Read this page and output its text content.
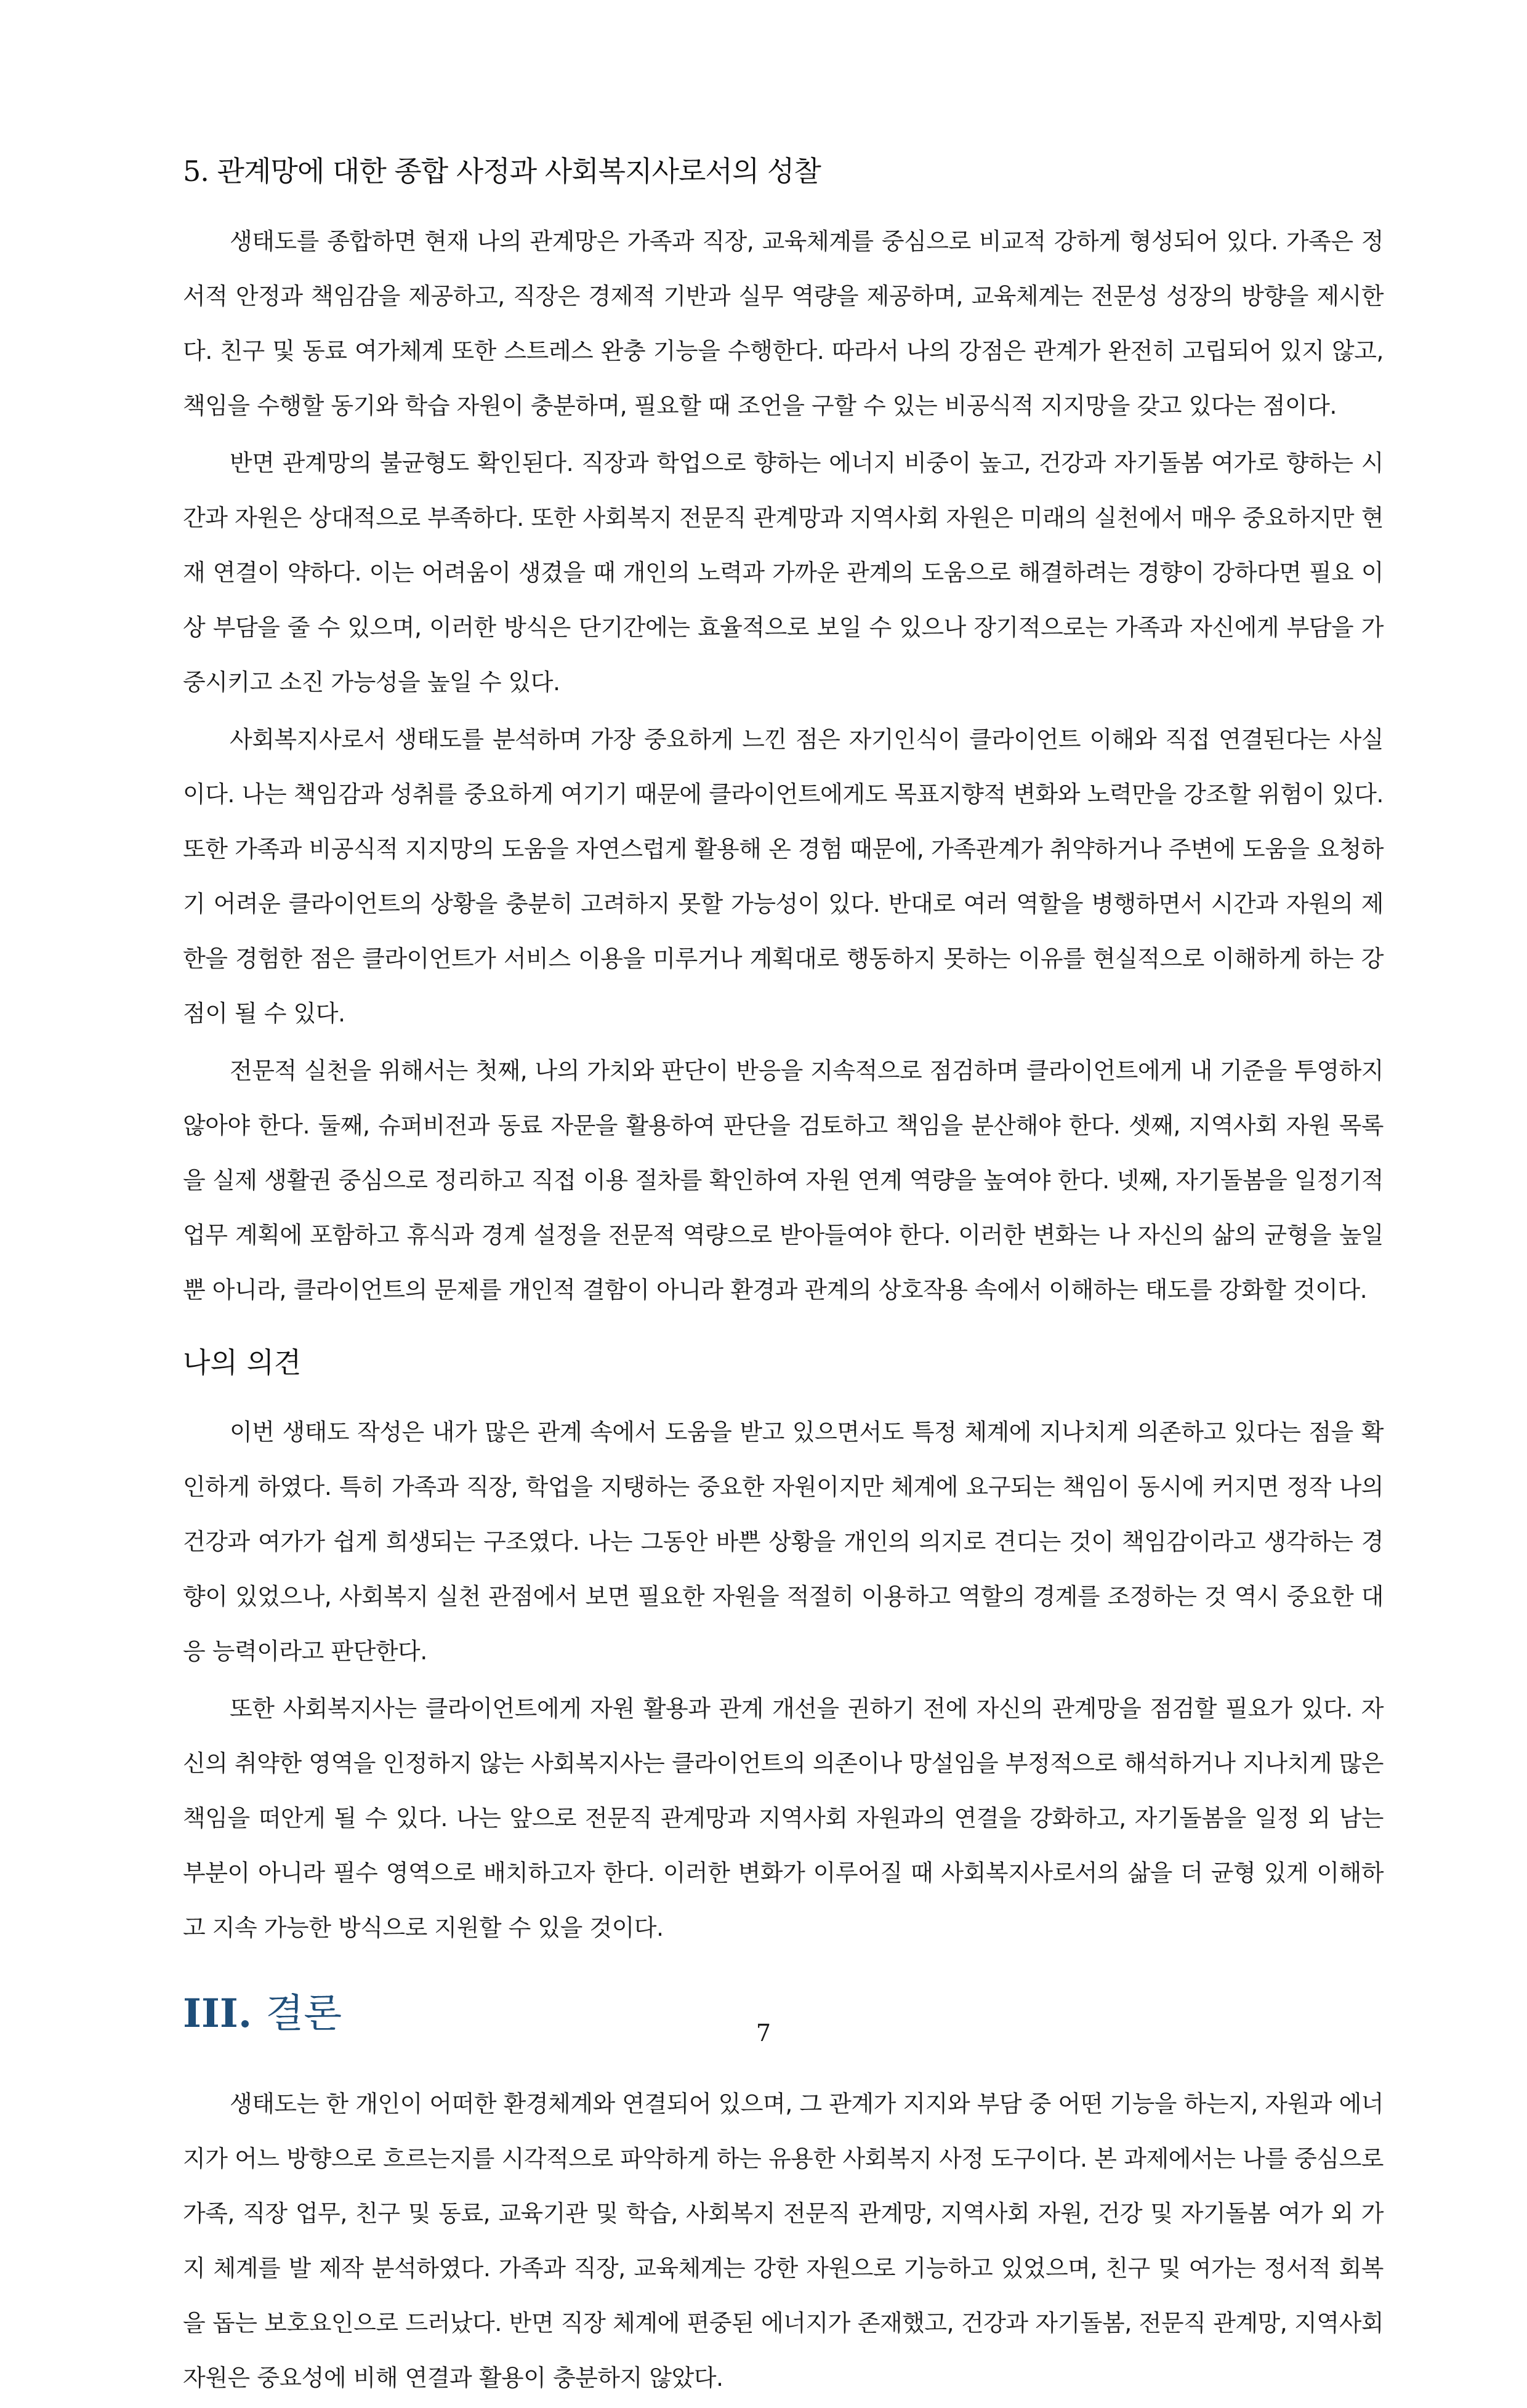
5. 관계망에 대한 종합 사정과 사회복지사로서의 성찰

생태도를 종합하면 현재 나의 관계망은 가족과 직장, 교육체계를 중심으로 비교적 강하게 형성되어 있다. 가족은 정서적 안정과 책임감을 제공하고, 직장은 경제적 기반과 실무 역량을 제공하며, 교육체계는 전문성 성장의 방향을 제시한다. 친구 및 동료 여가체계 또한 스트레스 완충 기능을 수행한다. 따라서 나의 강점은 관계가 완전히 고립되어 있지 않고, 책임을 수행할 동기와 학습 자원이 충분하며, 필요할 때 조언을 구할 수 있는 비공식적 지지망을 갖고 있다는 점이다.

반면 관계망의 불균형도 확인된다. 직장과 학업으로 향하는 에너지 비중이 높고, 건강과 자기돌봄 여가로 향하는 시간과 자원은 상대적으로 부족하다. 또한 사회복지 전문직 관계망과 지역사회 자원은 미래의 실천에서 매우 중요하지만 현재 연결이 약하다. 이는 어려움이 생겼을 때 개인의 노력과 가까운 관계의 도움으로 해결하려는 경향이 강하다면 필요 이상 부담을 줄 수 있으며, 이러한 방식은 단기간에는 효율적으로 보일 수 있으나 장기적으로는 가족과 자신에게 부담을 가중시키고 소진 가능성을 높일 수 있다.

사회복지사로서 생태도를 분석하며 가장 중요하게 느낀 점은 자기인식이 클라이언트 이해와 직접 연결된다는 사실이다. 나는 책임감과 성취를 중요하게 여기기 때문에 클라이언트에게도 목표지향적 변화와 노력만을 강조할 위험이 있다. 또한 가족과 비공식적 지지망의 도움을 자연스럽게 활용해 온 경험 때문에, 가족관계가 취약하거나 주변에 도움을 요청하기 어려운 클라이언트의 상황을 충분히 고려하지 못할 가능성이 있다. 반대로 여러 역할을 병행하면서 시간과 자원의 제한을 경험한 점은 클라이언트가 서비스 이용을 미루거나 계획대로 행동하지 못하는 이유를 현실적으로 이해하게 하는 강점이 될 수 있다.

전문적 실천을 위해서는 첫째, 나의 가치와 판단이 반응을 지속적으로 점검하며 클라이언트에게 내 기준을 투영하지 않아야 한다. 둘째, 슈퍼비전과 동료 자문을 활용하여 판단을 검토하고 책임을 분산해야 한다. 셋째, 지역사회 자원 목록을 실제 생활권 중심으로 정리하고 직접 이용 절차를 확인하여 자원 연계 역량을 높여야 한다. 넷째, 자기돌봄을 일정기적 업무 계획에 포함하고 휴식과 경계 설정을 전문적 역량으로 받아들여야 한다. 이러한 변화는 나 자신의 삶의 균형을 높일 뿐 아니라, 클라이언트의 문제를 개인적 결함이 아니라 환경과 관계의 상호작용 속에서 이해하는 태도를 강화할 것이다.

나의 의견

이번 생태도 작성은 내가 많은 관계 속에서 도움을 받고 있으면서도 특정 체계에 지나치게 의존하고 있다는 점을 확인하게 하였다. 특히 가족과 직장, 학업을 지탱하는 중요한 자원이지만 체계에 요구되는 책임이 동시에 커지면 정작 나의 건강과 여가가 쉽게 희생되는 구조였다. 나는 그동안 바쁜 상황을 개인의 의지로 견디는 것이 책임감이라고 생각하는 경향이 있었으나, 사회복지 실천 관점에서 보면 필요한 자원을 적절히 이용하고 역할의 경계를 조정하는 것 역시 중요한 대응 능력이라고 판단한다.

또한 사회복지사는 클라이언트에게 자원 활용과 관계 개선을 권하기 전에 자신의 관계망을 점검할 필요가 있다. 자신의 취약한 영역을 인정하지 않는 사회복지사는 클라이언트의 의존이나 망설임을 부정적으로 해석하거나 지나치게 많은 책임을 떠안게 될 수 있다. 나는 앞으로 전문직 관계망과 지역사회 자원과의 연결을 강화하고, 자기돌봄을 일정 외 남는 부분이 아니라 필수 영역으로 배치하고자 한다. 이러한 변화가 이루어질 때 사회복지사로서의 삶을 더 균형 있게 이해하고 지속 가능한 방식으로 지원할 수 있을 것이다.

III. 결론

생태도는 한 개인이 어떠한 환경체계와 연결되어 있으며, 그 관계가 지지와 부담 중 어떤 기능을 하는지, 자원과 에너지가 어느 방향으로 흐르는지를 시각적으로 파악하게 하는 유용한 사회복지 사정 도구이다. 본 과제에서는 나를 중심으로 가족, 직장 업무, 친구 및 동료, 교육기관 및 학습, 사회복지 전문직 관계망, 지역사회 자원, 건강 및 자기돌봄 여가 외 가지 체계를 발 제작 분석하였다. 가족과 직장, 교육체계는 강한 자원으로 기능하고 있었으며, 친구 및 여가는 정서적 회복을 돕는 보호요인으로 드러났다. 반면 직장 체계에 편중된 에너지가 존재했고, 건강과 자기돌봄, 전문직 관계망, 지역사회 자원은 중요성에 비해 연결과 활용이 충분하지 않았다.

7
